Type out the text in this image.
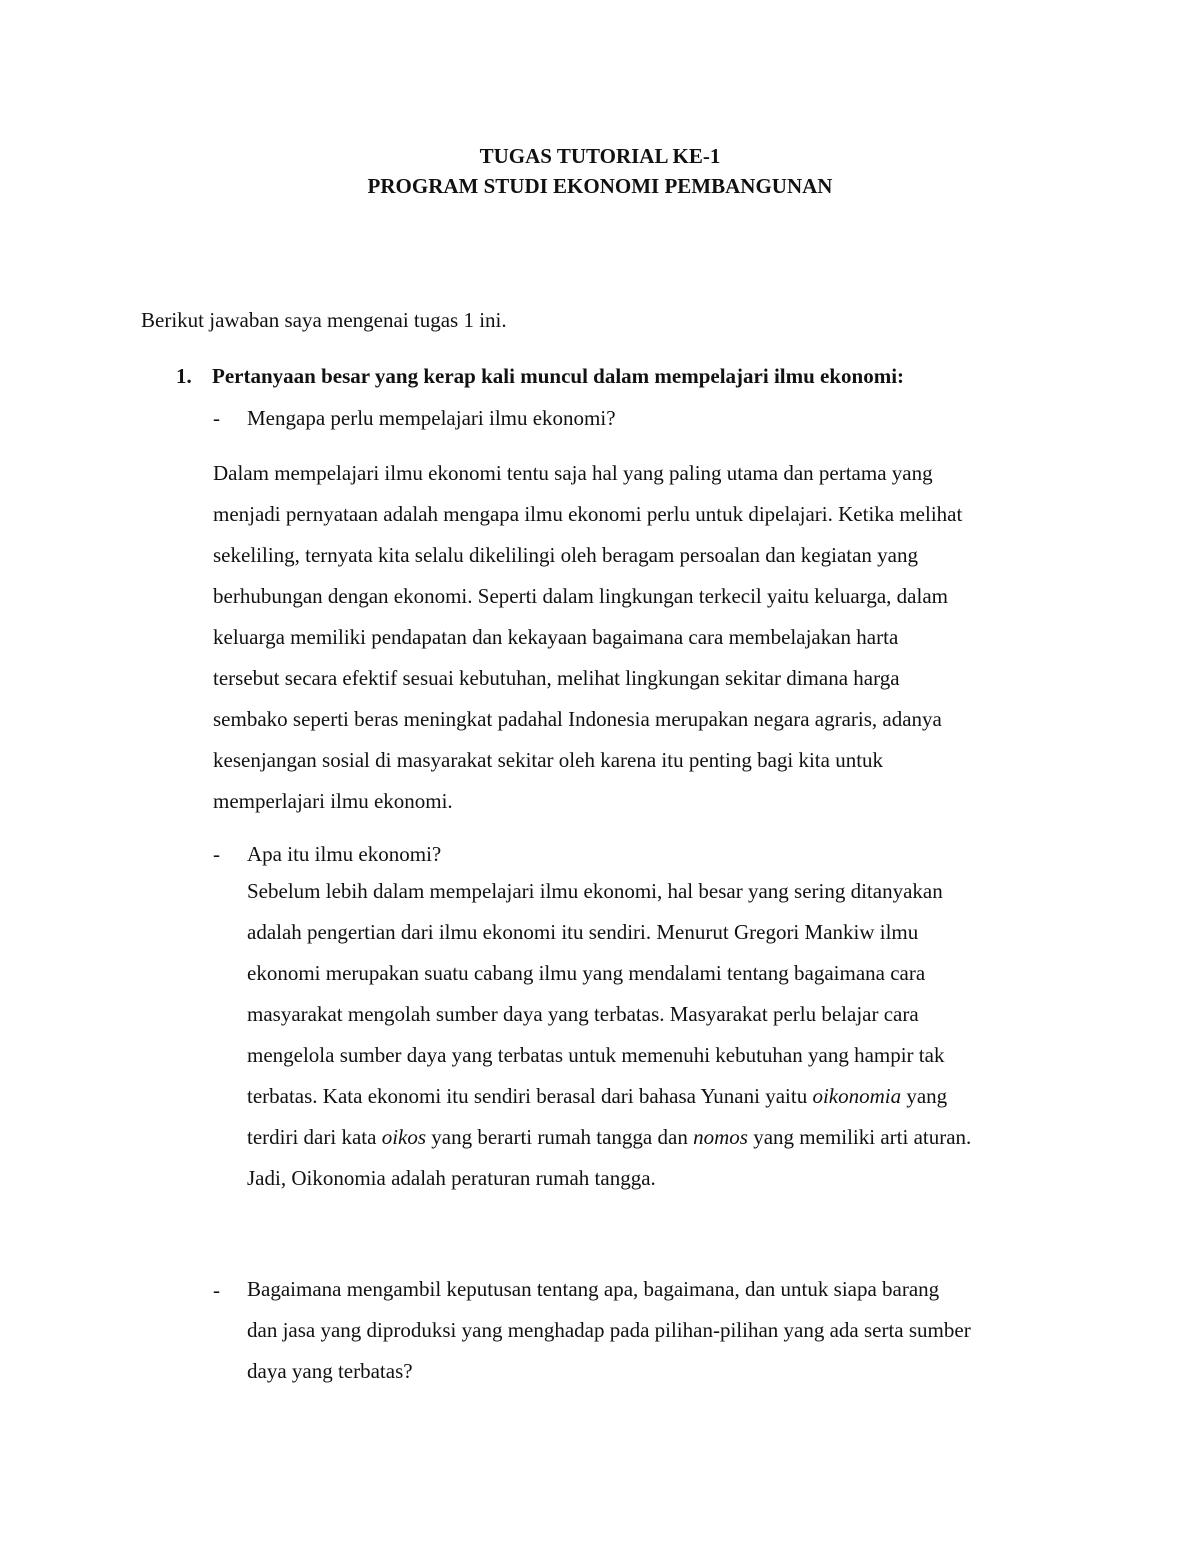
TUGAS TUTORIAL KE-1
PROGRAM STUDI EKONOMI PEMBANGUNAN
Berikut jawaban saya mengenai tugas 1 ini.
1. Pertanyaan besar yang kerap kali muncul dalam mempelajari ilmu ekonomi:
- Mengapa perlu mempelajari ilmu ekonomi?
Dalam mempelajari ilmu ekonomi tentu saja hal yang paling utama dan pertama yang
menjadi pernyataan adalah mengapa ilmu ekonomi perlu untuk dipelajari. Ketika melihat
sekeliling, ternyata kita selalu dikelilingi oleh beragam persoalan dan kegiatan yang
berhubungan dengan ekonomi. Seperti dalam lingkungan terkecil yaitu keluarga, dalam
keluarga memiliki pendapatan dan kekayaan bagaimana cara membelajakan harta
tersebut secara efektif sesuai kebutuhan, melihat lingkungan sekitar dimana harga
sembako seperti beras meningkat padahal Indonesia merupakan negara agraris, adanya
kesenjangan sosial di masyarakat sekitar oleh karena itu penting bagi kita untuk
memperlajari ilmu ekonomi.
- Apa itu ilmu ekonomi?
Sebelum lebih dalam mempelajari ilmu ekonomi, hal besar yang sering ditanyakan
adalah pengertian dari ilmu ekonomi itu sendiri. Menurut Gregori Mankiw ilmu
ekonomi merupakan suatu cabang ilmu yang mendalami tentang bagaimana cara
masyarakat mengolah sumber daya yang terbatas. Masyarakat perlu belajar cara
mengelola sumber daya yang terbatas untuk memenuhi kebutuhan yang hampir tak
terbatas. Kata ekonomi itu sendiri berasal dari bahasa Yunani yaitu oikonomia yang
terdiri dari kata oikos yang berarti rumah tangga dan nomos yang memiliki arti aturan.
Jadi, Oikonomia adalah peraturan rumah tangga.
-	Bagaimana mengambil keputusan tentang apa, bagaimana, dan untuk siapa barang
dan jasa yang diproduksi yang menghadap pada pilihan-pilihan yang ada serta sumber
daya yang terbatas?
